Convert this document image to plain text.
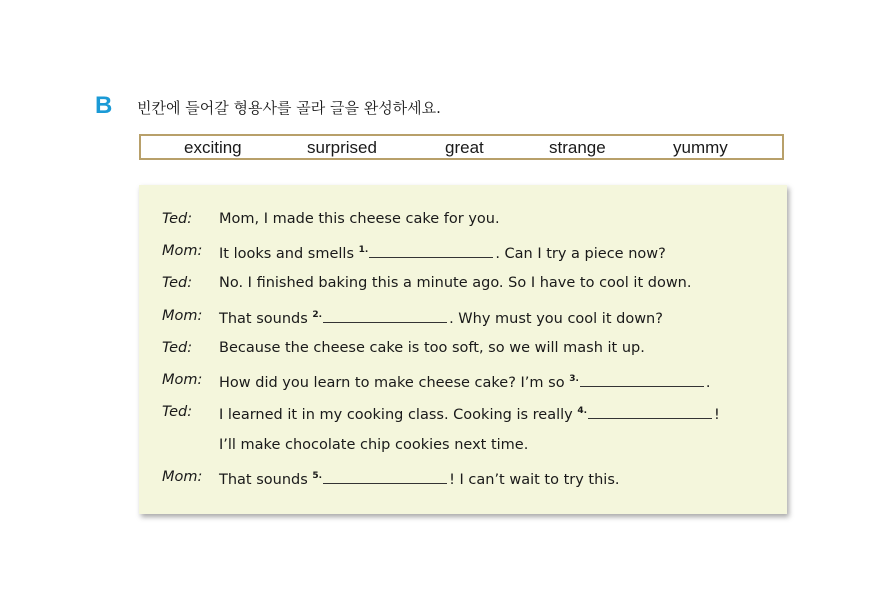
B 빈칸에 들어갈 형용사를 골라 글을 완성하세요.
exciting	surprised	great	strange	yummy
Ted: Mom, I made this cheese cake for you.
Mom: It looks and smells $^{1.}$	. Can I try a piece now?
Ted: No. I finished baking this a minute ago. So I have to cool it down.
Mom: That sounds $^{2.}$	. Why must you cool it down?
Ted: Because the cheese cake is too soft, so we will mash it up.
Mom: How did you learn to make cheese cake? I’m so $^{3.}$	.
Ted: I learned it in my cooking class. Cooking is really $^{4.}$	!
I’ll make chocolate chip cookies next time.
Mom: That sounds $^{5.}$	! I can’t wait to try this.
